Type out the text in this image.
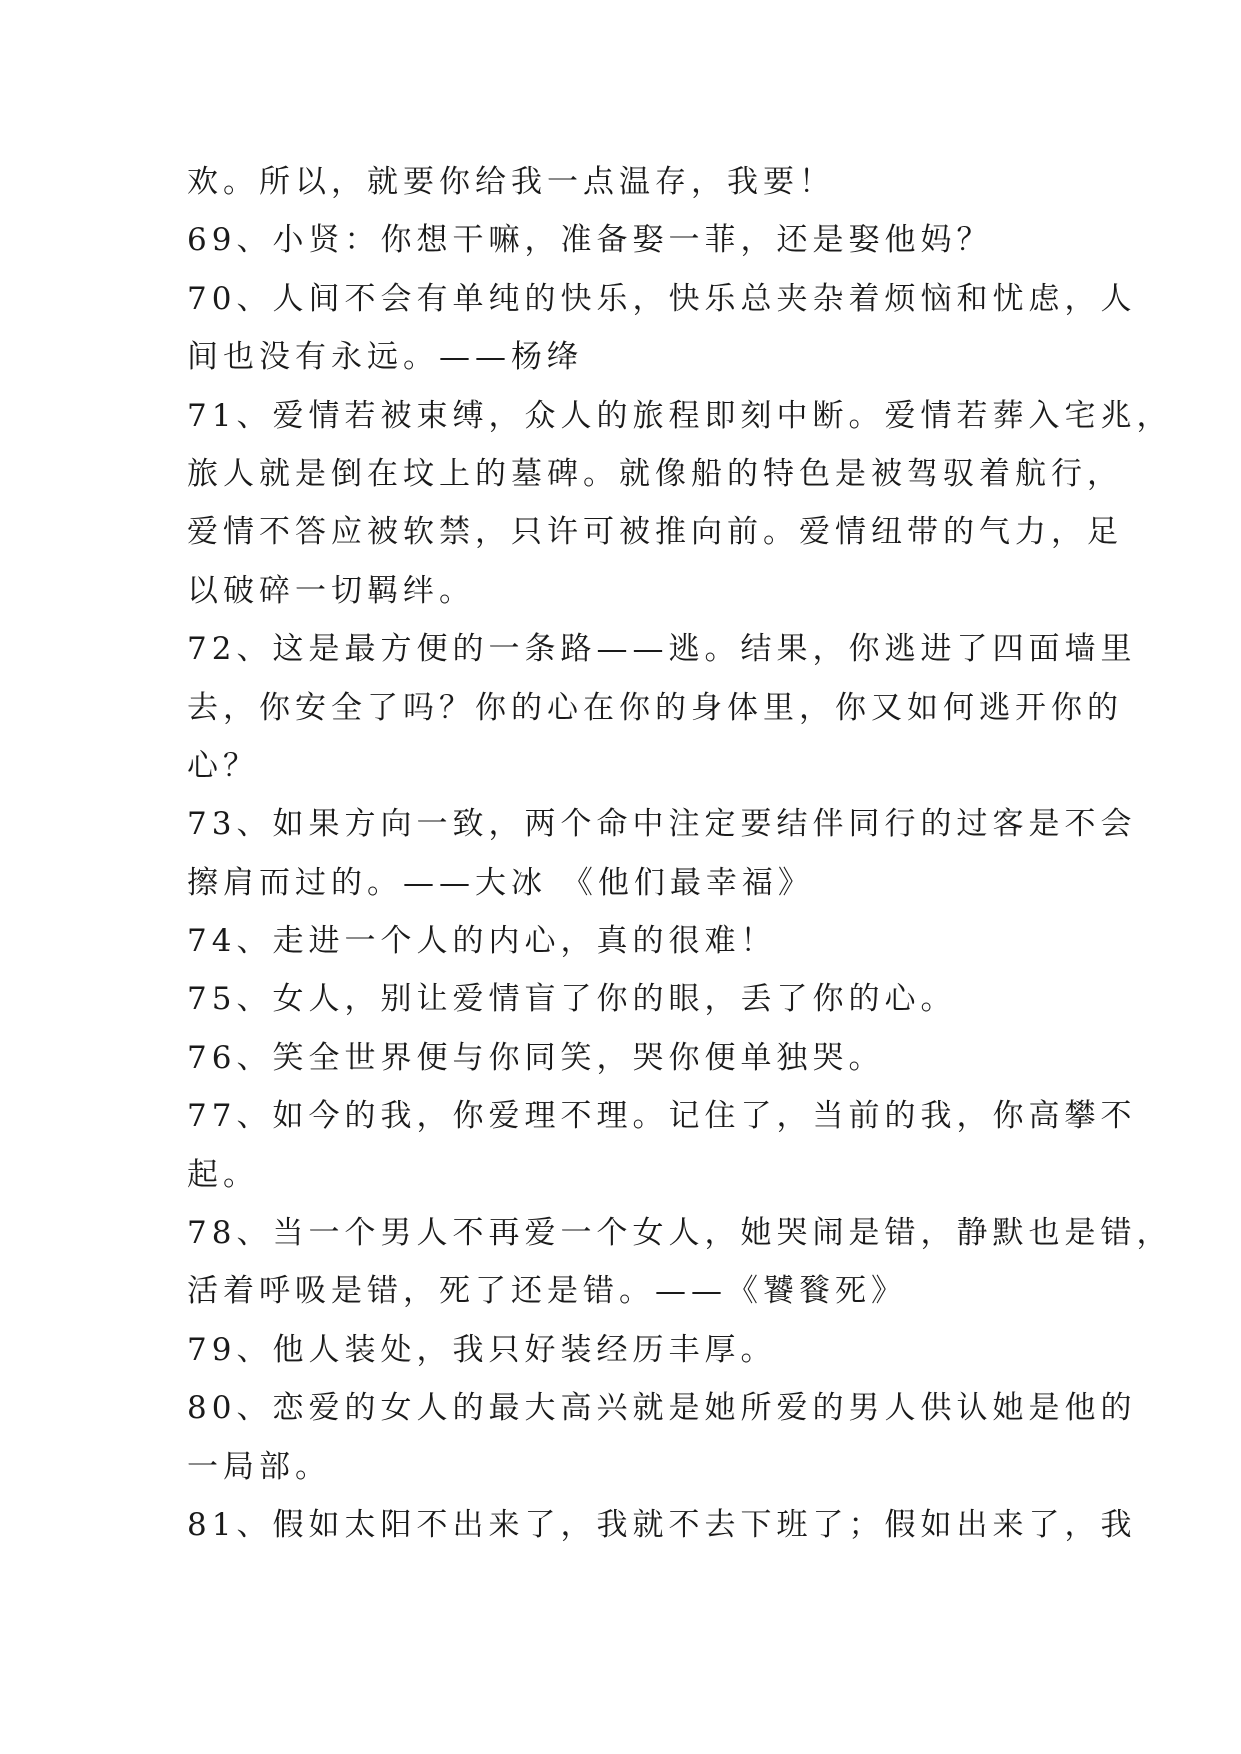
欢。所以，就要你给我一点温存，我要！
69、小贤：你想干嘛，准备娶一菲，还是娶他妈？
70、人间不会有单纯的快乐，快乐总夹杂着烦恼和忧虑，人
间也没有永远。——杨绛
71、爱情若被束缚，众人的旅程即刻中断。爱情若葬入宅兆，
旅人就是倒在坟上的墓碑。就像船的特色是被驾驭着航行，
爱情不答应被软禁，只许可被推向前。爱情纽带的气力，足
以破碎一切羁绊。
72、这是最方便的一条路——逃。结果，你逃进了四面墙里
去，你安全了吗？你的心在你的身体里，你又如何逃开你的
心？
73、如果方向一致，两个命中注定要结伴同行的过客是不会
擦肩而过的。——大冰 《他们最幸福》
74、走进一个人的内心，真的很难！
75、女人，别让爱情盲了你的眼，丢了你的心。
76、笑全世界便与你同笑，哭你便单独哭。
77、如今的我，你爱理不理。记住了，当前的我，你高攀不
起。
78、当一个男人不再爱一个女人，她哭闹是错，静默也是错，
活着呼吸是错，死了还是错。——《饕餮死》
79、他人装处，我只好装经历丰厚。
80、恋爱的女人的最大高兴就是她所爱的男人供认她是他的
一局部。
81、假如太阳不出来了，我就不去下班了；假如出来了，我
